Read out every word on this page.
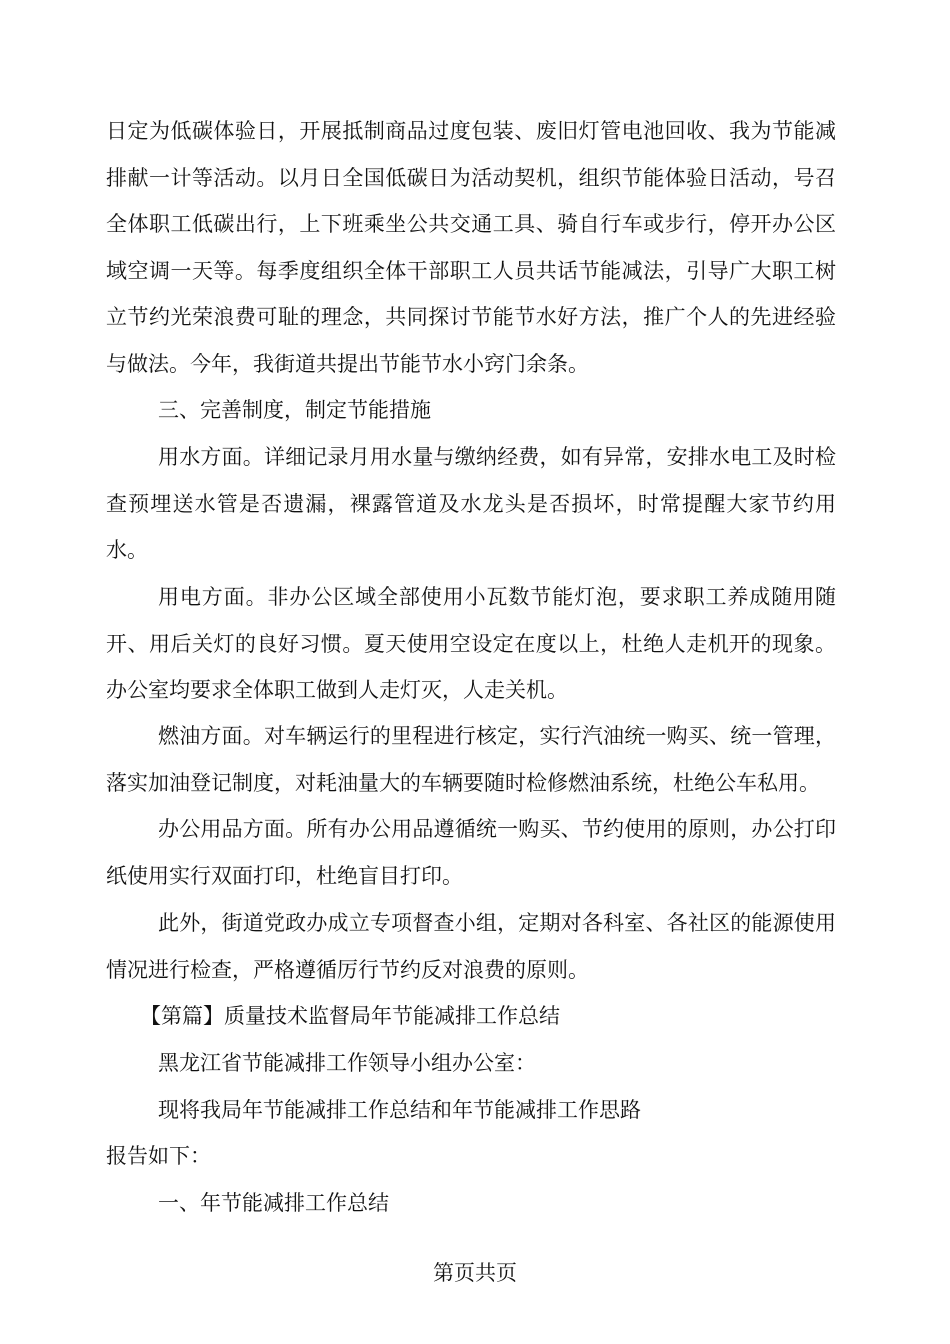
日定为低碳体验日，开展抵制商品过度包装、废旧灯管电池回收、我为节能减排献一计等活动。以月日全国低碳日为活动契机，组织节能体验日活动，号召全体职工低碳出行，上下班乘坐公共交通工具、骑自行车或步行，停开办公区域空调一天等。每季度组织全体干部职工人员共话节能减法，引导广大职工树立节约光荣浪费可耻的理念，共同探讨节能节水好方法，推广个人的先进经验与做法。今年，我街道共提出节能节水小窍门余条。

三、完善制度，制定节能措施

用水方面。详细记录月用水量与缴纳经费，如有异常，安排水电工及时检查预埋送水管是否遗漏，裸露管道及水龙头是否损坏，时常提醒大家节约用水。

用电方面。非办公区域全部使用小瓦数节能灯泡，要求职工养成随用随开、用后关灯的良好习惯。夏天使用空设定在度以上，杜绝人走机开的现象。办公室均要求全体职工做到人走灯灭，人走关机。

燃油方面。对车辆运行的里程进行核定，实行汽油统一购买、统一管理，落实加油登记制度，对耗油量大的车辆要随时检修燃油系统，杜绝公车私用。

办公用品方面。所有办公用品遵循统一购买、节约使用的原则，办公打印纸使用实行双面打印，杜绝盲目打印。

此外，街道党政办成立专项督查小组，定期对各科室、各社区的能源使用情况进行检查，严格遵循厉行节约反对浪费的原则。

【第篇】质量技术监督局年节能减排工作总结

黑龙江省节能减排工作领导小组办公室：

现将我局年节能减排工作总结和年节能减排工作思路

报告如下：

一、年节能减排工作总结

第页共页
